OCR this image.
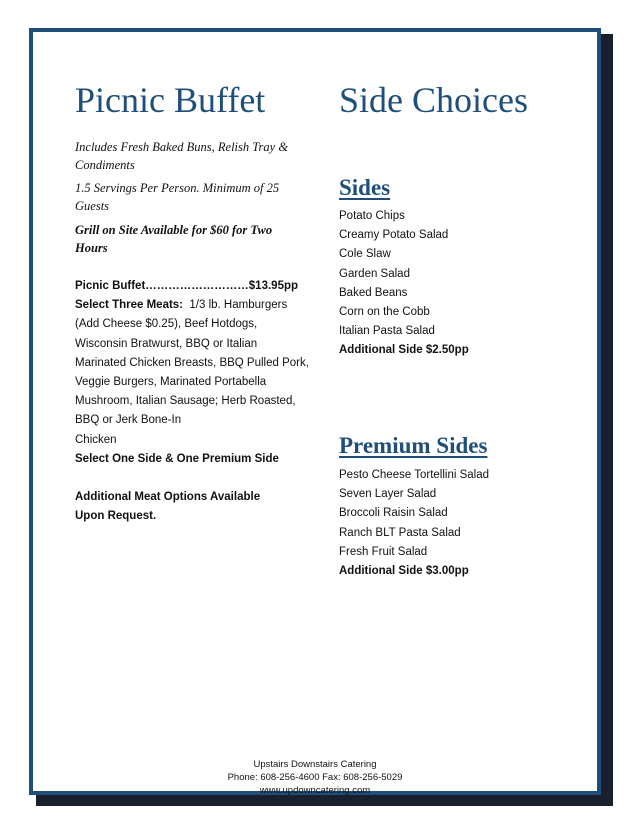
Picnic Buffet

Includes Fresh Baked Buns, Relish Tray & Condiments

1.5 Servings Per Person. Minimum of 25 Guests

Grill on Site Available for $60 for Two Hours

Picnic Buffet………………………$13.95pp

Select Three Meats: 1/3 lb. Hamburgers (Add Cheese $0.25), Beef Hotdogs, Wisconsin Bratwurst, BBQ or Italian Marinated Chicken Breasts, BBQ Pulled Pork, Veggie Burgers, Marinated Portabella Mushroom, Italian Sausage; Herb Roasted, BBQ or Jerk Bone-In

Chicken

Select One Side & One Premium Side

Additional Meat Options Available

Upon Request.

Side Choices
Sides
Potato Chips
Creamy Potato Salad
Cole Slaw
Garden Salad
Baked Beans
Corn on the Cobb
Italian Pasta Salad
Additional Side $2.50pp
Premium Sides
Pesto Cheese Tortellini Salad
Seven Layer Salad
Broccoli Raisin Salad
Ranch BLT Pasta Salad
Fresh Fruit Salad
Additional Side $3.00pp
Upstairs Downstairs Catering
Phone: 608-256-4600 Fax: 608-256-5029
www.updowncatering.com
